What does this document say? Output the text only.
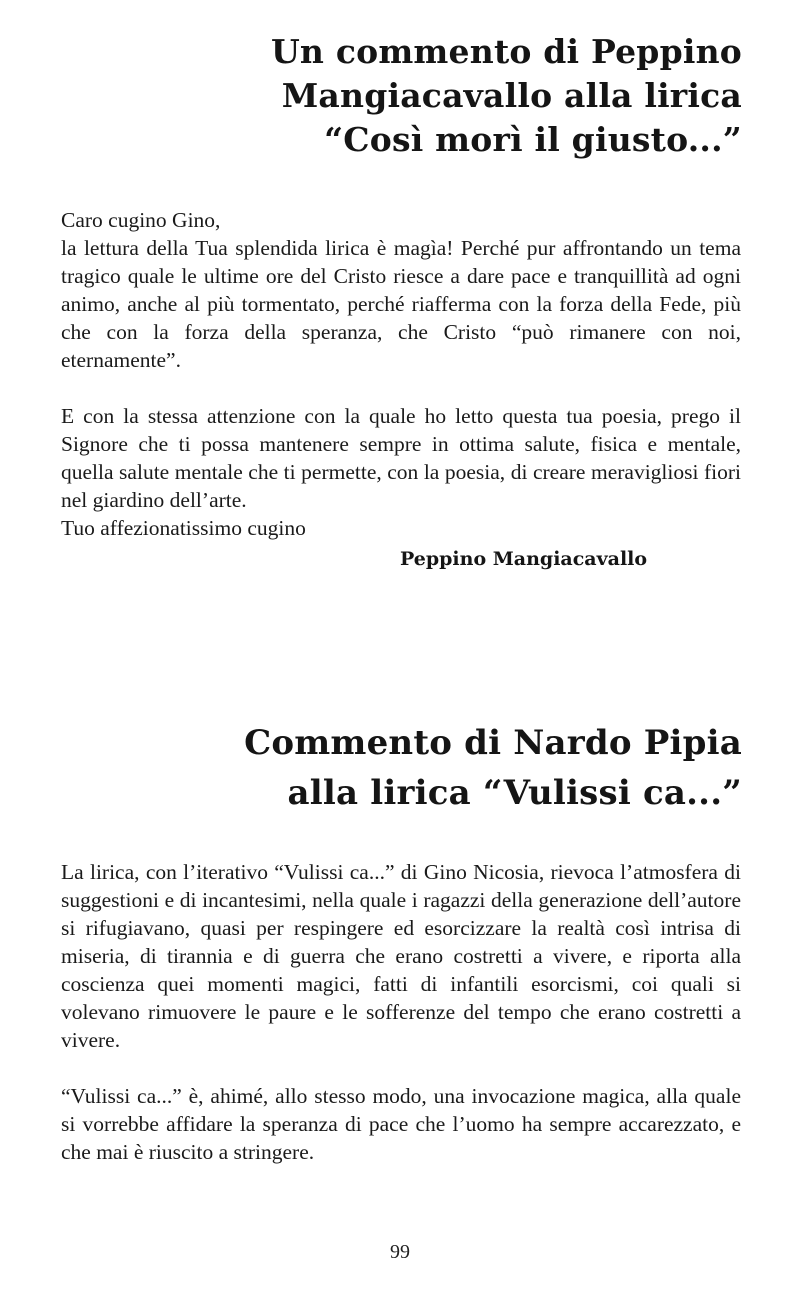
Un commento di Peppino
Mangiacavallo alla lirica
“Così morì il giusto...”

Caro cugino Gino,

la lettura della Tua splendida lirica è magìa! Perché pur affrontando un tema tragico quale le ultime ore del Cristo riesce a dare pace e tranquillità ad ogni animo, anche al più tormentato, perché riafferma con la forza della Fede, più che con la forza della speranza, che Cristo “può rimanere con noi, eternamente”.

E con la stessa attenzione con la quale ho letto questa tua poesia, prego il Signore che ti possa mantenere sempre in ottima salute, fisica e mentale, quella salute mentale che ti permette, con la poesia, di creare meravigliosi fiori nel giardino dell’arte.

Tuo affezionatissimo cugino

Peppino Mangiacavallo

Commento di Nardo Pipia
alla lirica “Vulissi ca...”

La lirica, con l’iterativo “Vulissi ca...” di Gino Nicosia, rievoca l’atmosfera di suggestioni e di incantesimi, nella quale i ragazzi della generazione dell’autore si rifugiavano, quasi per respingere ed esorcizzare la realtà così intrisa di miseria, di tirannia e di guerra che erano costretti a vivere, e riporta alla coscienza quei momenti magici, fatti di infantili esorcismi, coi quali si volevano rimuovere le paure e le sofferenze del tempo che erano costretti a vivere.

“Vulissi ca...” è, ahimé, allo stesso modo, una invocazione magica, alla quale si vorrebbe affidare la speranza di pace che l’uomo ha sempre accarezzato, e che mai è riuscito a stringere.

99
